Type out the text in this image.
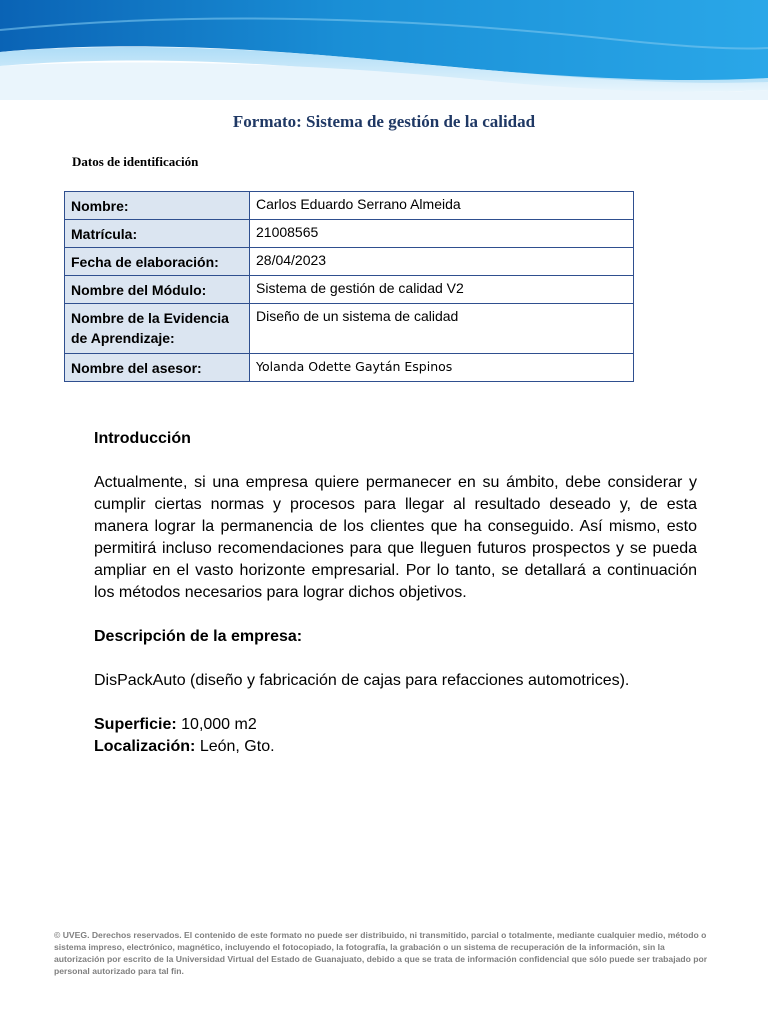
Formato: Sistema de gestión de la calidad
Datos de identificación
Nombre:	Carlos Eduardo Serrano Almeida
Matrícula:	21008565
Fecha de elaboración:	28/04/2023
Nombre del Módulo:	Sistema de gestión de calidad V2
Nombre de la Evidencia de Aprendizaje:	Diseño de un sistema de calidad
Nombre del asesor:	Yolanda Odette Gaytán Espinos
Introducción

Actualmente, si una empresa quiere permanecer en su ámbito, debe considerar y cumplir ciertas normas y procesos para llegar al resultado deseado y, de esta manera lograr la permanencia de los clientes que ha conseguido. Así mismo, esto permitirá incluso recomendaciones para que lleguen futuros prospectos y se pueda ampliar en el vasto horizonte empresarial. Por lo tanto, se detallará a continuación los métodos necesarios para lograr dichos objetivos.

Descripción de la empresa:

DisPackAuto (diseño y fabricación de cajas para refacciones automotrices).

Superficie: 10,000 m2
Localización: León, Gto.
© UVEG. Derechos reservados. El contenido de este formato no puede ser distribuido, ni transmitido, parcial o totalmente, mediante cualquier medio, método o sistema impreso, electrónico, magnético, incluyendo el fotocopiado, la fotografía, la grabación o un sistema de recuperación de la información, sin la autorización por escrito de la Universidad Virtual del Estado de Guanajuato, debido a que se trata de información confidencial que sólo puede ser trabajado por personal autorizado para tal fin.
